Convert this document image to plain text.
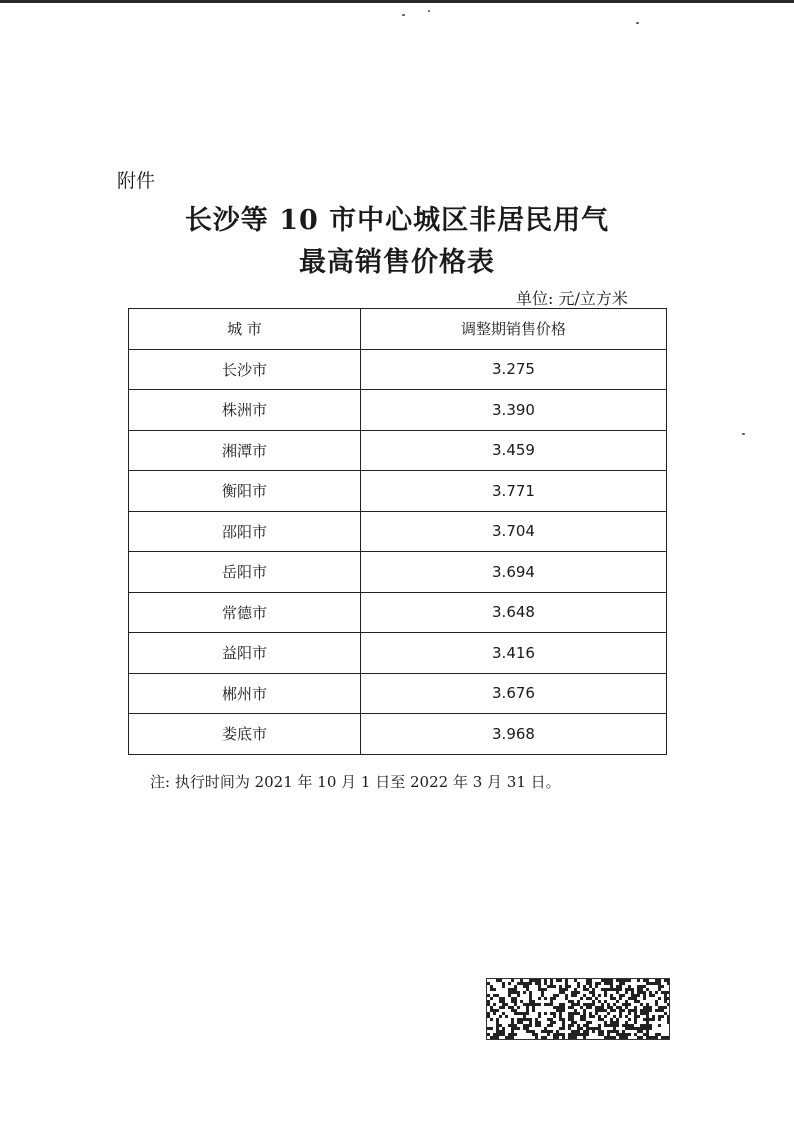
附件
长沙等 10 市中心城区非居民用气
最高销售价格表
单位: 元/立方米
城 市	调整期销售价格
长沙市	3.275
株洲市	3.390
湘潭市	3.459
衡阳市	3.771
邵阳市	3.704
岳阳市	3.694
常德市	3.648
益阳市	3.416
郴州市	3.676
娄底市	3.968
注: 执行时间为 2021 年 10 月 1 日至 2022 年 3 月 31 日。
